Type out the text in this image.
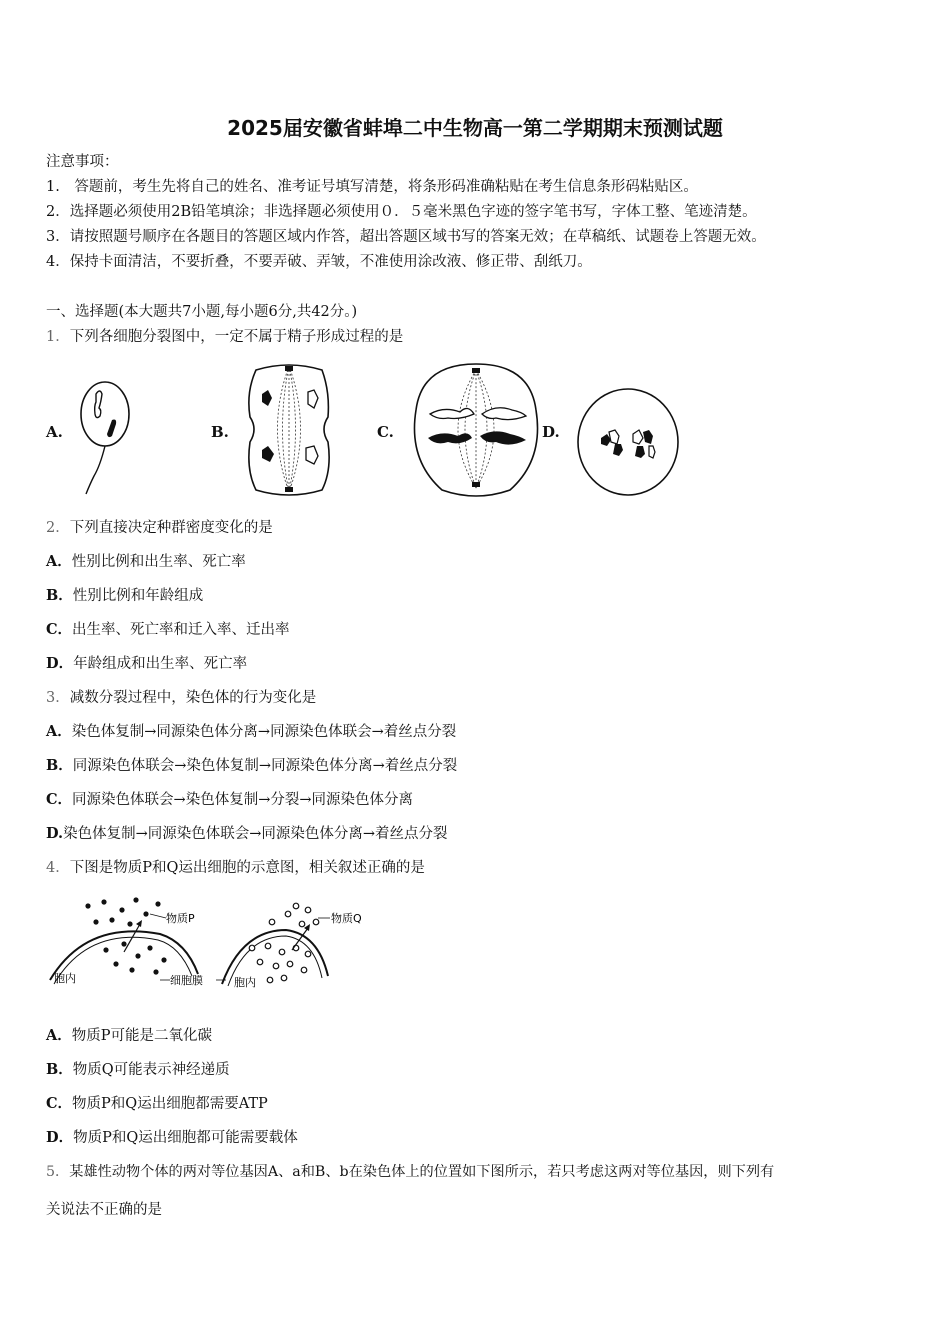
2025届安徽省蚌埠二中生物高一第二学期期末预测试题
注意事项：
1.　答题前，考生先将自己的姓名、准考证号填写清楚，将条形码准确粘贴在考生信息条形码粘贴区。
2．选择题必须使用2B铅笔填涂；非选择题必须使用０．５毫米黑色字迹的签字笔书写，字体工整、笔迹清楚。
3．请按照题号顺序在各题目的答题区域内作答，超出答题区域书写的答案无效；在草稿纸、试题卷上答题无效。
4．保持卡面清洁，不要折叠，不要弄破、弄皱，不准使用涂改液、修正带、刮纸刀。
一、选择题(本大题共7小题,每小题6分,共42分。)
1．下列各细胞分裂图中，一定不属于精子形成过程的是
A.	B.	C.	D.
2．下列直接决定种群密度变化的是
A．性别比例和出生率、死亡率
B．性别比例和年龄组成
C．出生率、死亡率和迁入率、迁出率
D．年龄组成和出生率、死亡率
3．减数分裂过程中，染色体的行为变化是
A．染色体复制→同源染色体分离→同源染色体联会→着丝点分裂
B．同源染色体联会→染色体复制→同源染色体分离→着丝点分裂
C．同源染色体联会→染色体复制→分裂→同源染色体分离
D.染色体复制→同源染色体联会→同源染色体分离→着丝点分裂
4．下图是物质P和Q运出细胞的示意图，相关叙述正确的是
物质P
胞内	细胞膜
物质Q
胞内
A．物质P可能是二氧化碳
B．物质Q可能表示神经递质
C．物质P和Q运出细胞都需要ATP
D．物质P和Q运出细胞都可能需要载体
5．某雄性动物个体的两对等位基因A、a和B、b在染色体上的位置如下图所示，若只考虑这两对等位基因，则下列有
关说法不正确的是
